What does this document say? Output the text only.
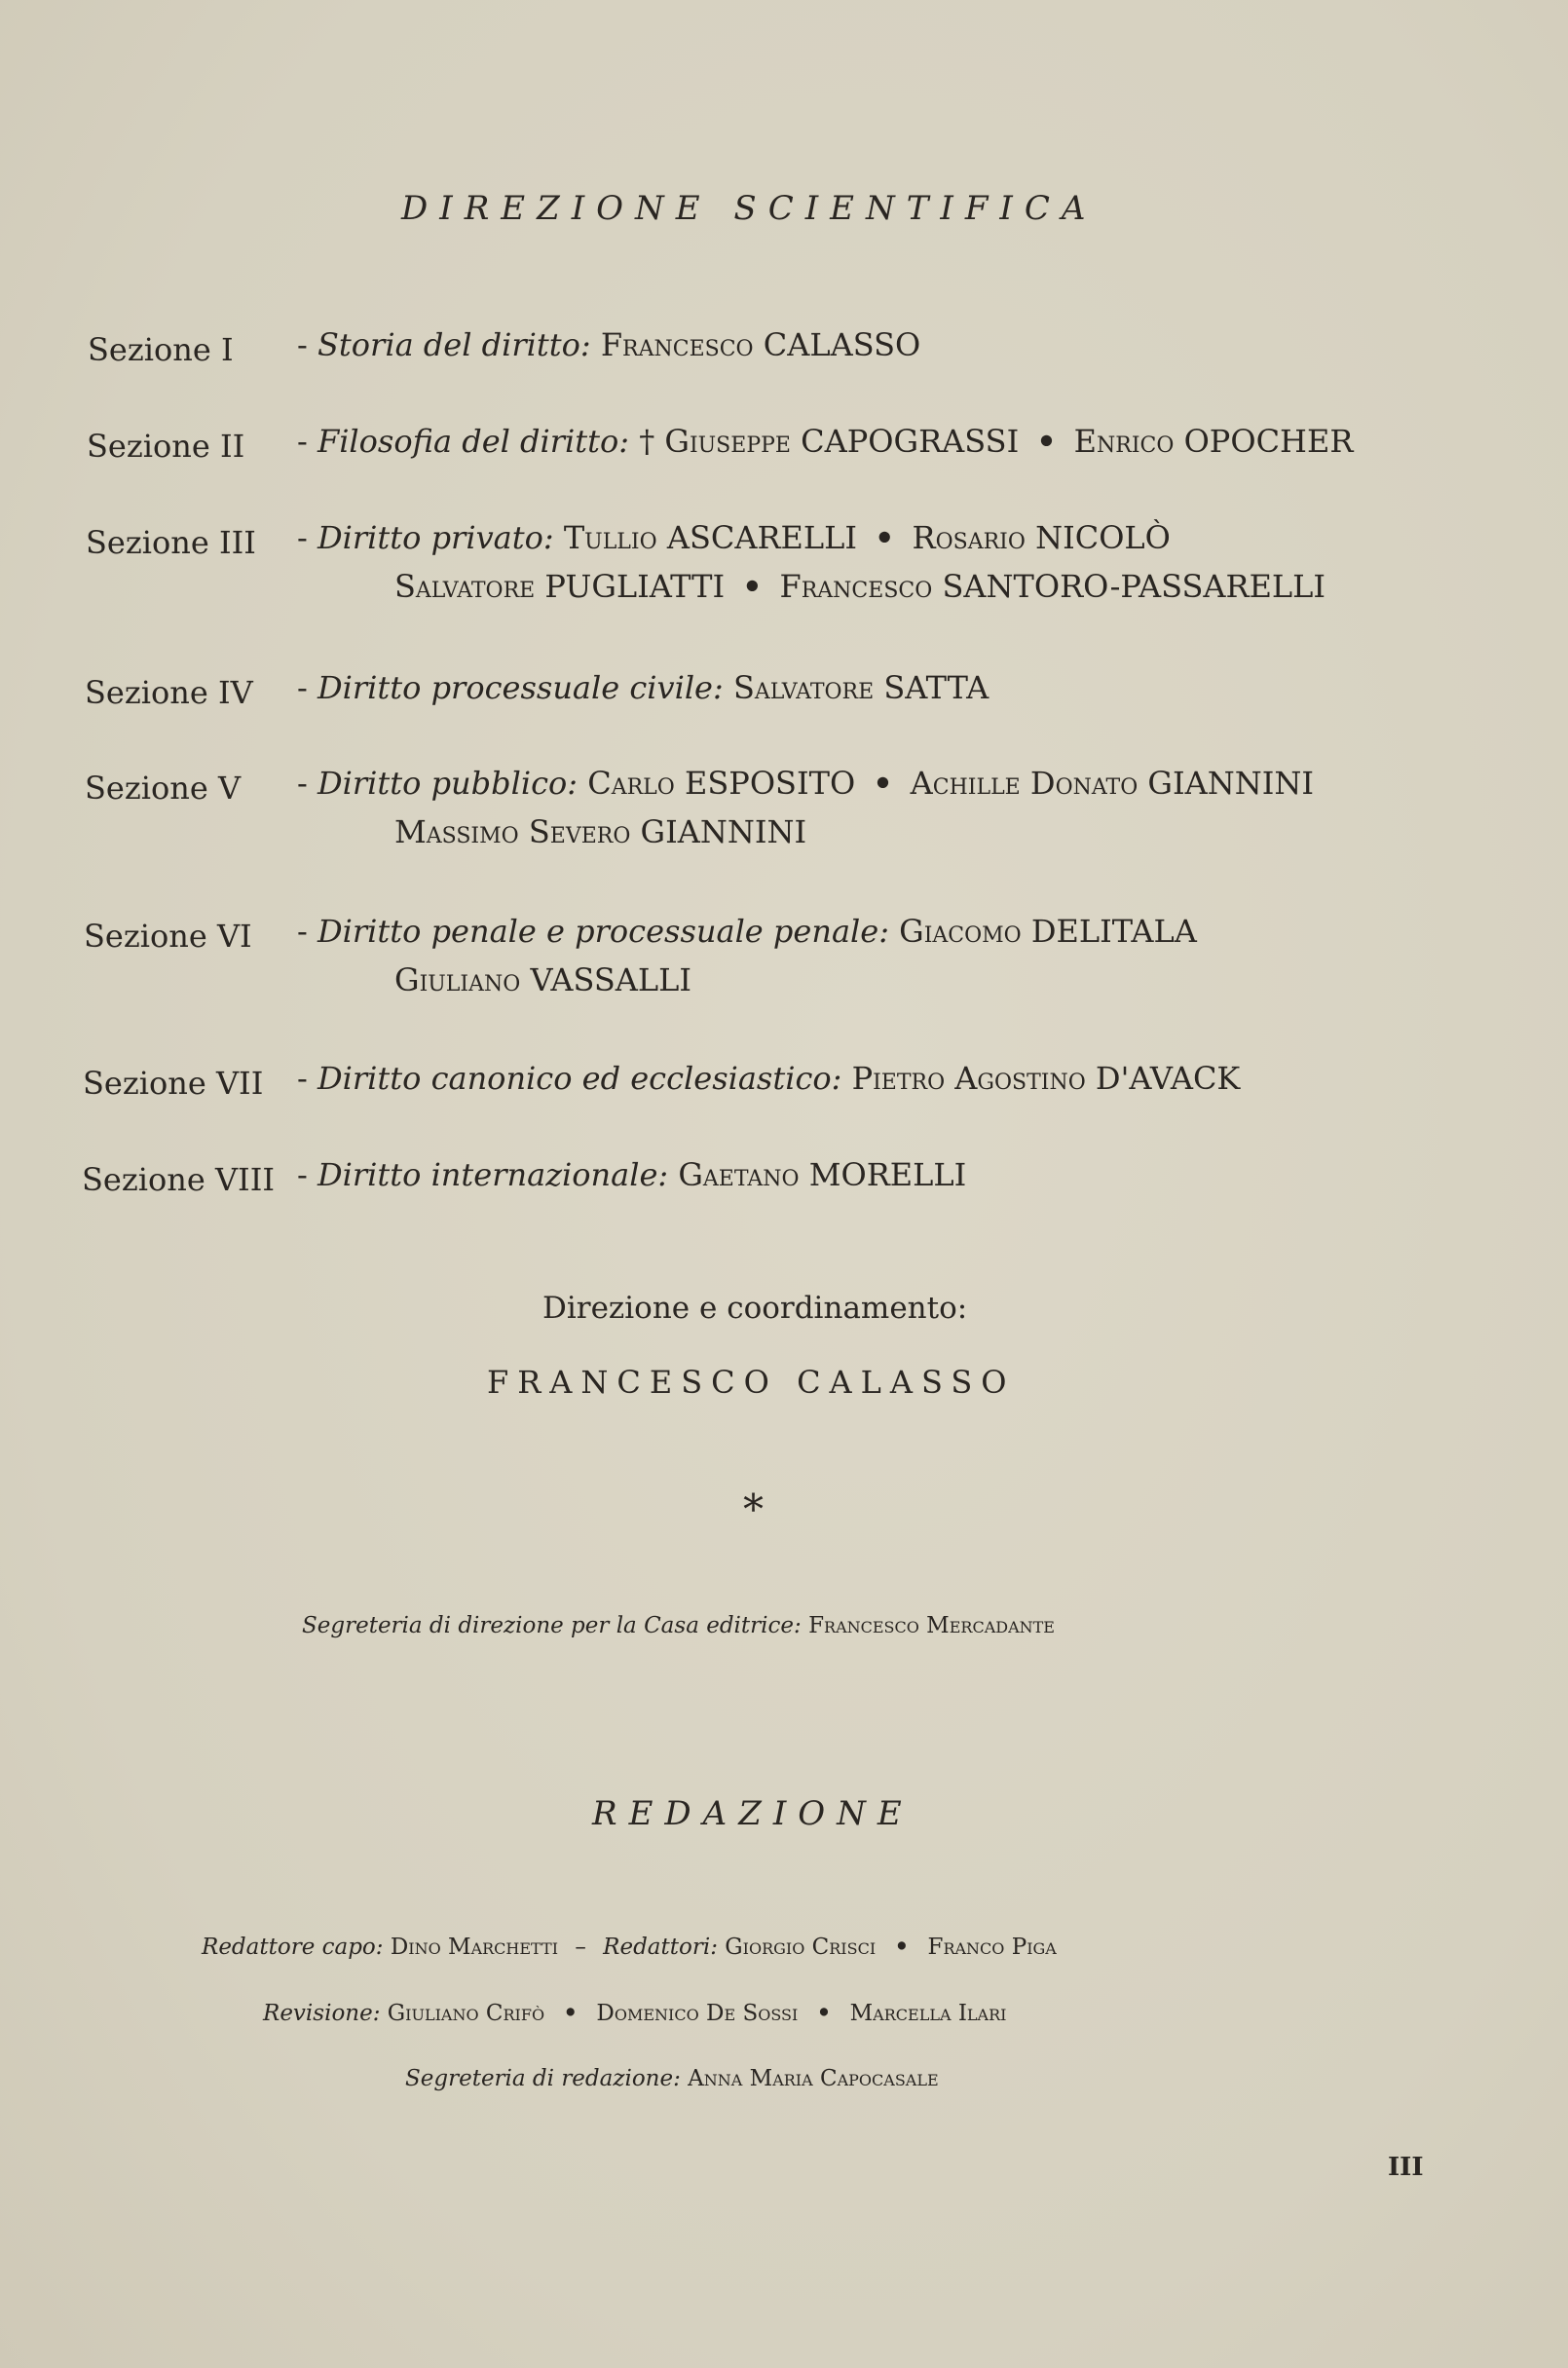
DIREZIONE SCIENTIFICA
Sezione I - Storia del diritto: Francesco CALASSO
Sezione II - Filosofia del diritto: † Giuseppe CAPOGRASSI • Enrico OPOCHER
Sezione III - Diritto privato: Tullio ASCARELLI • Rosario NICOLÒ
Salvatore PUGLIATTI • Francesco SANTORO-PASSARELLI
Sezione IV - Diritto processuale civile: Salvatore SATTA
Sezione V - Diritto pubblico: Carlo ESPOSITO • Achille Donato GIANNINI
Massimo Severo GIANNINI
Sezione VI - Diritto penale e processuale penale: Giacomo DELITALA
Giuliano VASSALLI
Sezione VII - Diritto canonico ed ecclesiastico: Pietro Agostino D'AVACK
Sezione VIII - Diritto internazionale: Gaetano MORELLI
Direzione e coordinamento:
FRANCESCO CALASSO
*
Segreteria di direzione per la Casa editrice: Francesco Mercadante
REDAZIONE
Redattore capo: Dino Marchetti – Redattori: Giorgio Crisci • Franco Piga
Revisione: Giuliano Crifò • Domenico De Sossi • Marcella Ilari
Segreteria di redazione: Anna Maria Capocasale
III
